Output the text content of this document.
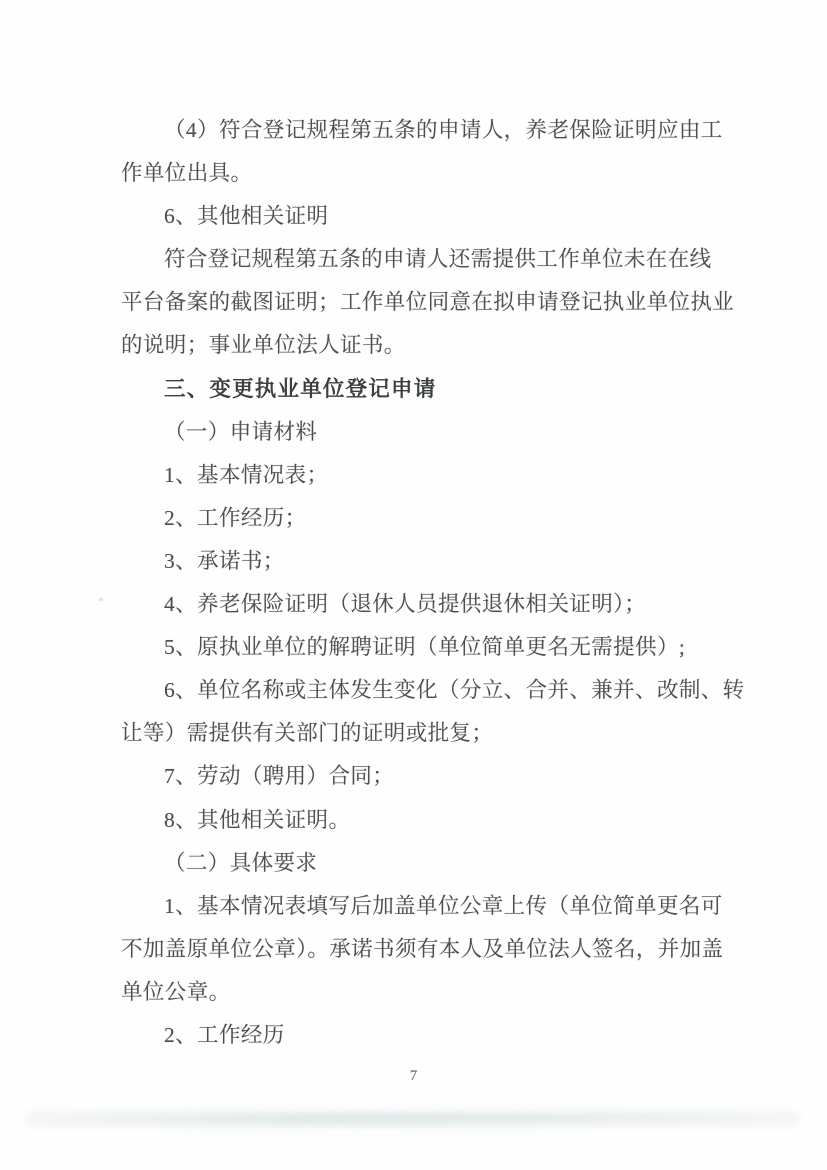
（4）符合登记规程第五条的申请人，养老保险证明应由工
作单位出具。
6、其他相关证明
符合登记规程第五条的申请人还需提供工作单位未在在线
平台备案的截图证明；工作单位同意在拟申请登记执业单位执业
的说明；事业单位法人证书。
三、变更执业单位登记申请
（一）申请材料
1、基本情况表；
2、工作经历；
3、承诺书；
4、养老保险证明（退休人员提供退休相关证明）；
5、原执业单位的解聘证明（单位简单更名无需提供）;
6、单位名称或主体发生变化（分立、合并、兼并、改制、转
让等）需提供有关部门的证明或批复；
7、劳动（聘用）合同；
8、其他相关证明。
（二）具体要求
1、基本情况表填写后加盖单位公章上传（单位简单更名可
不加盖原单位公章）。承诺书须有本人及单位法人签名，并加盖
单位公章。
2、工作经历
7
